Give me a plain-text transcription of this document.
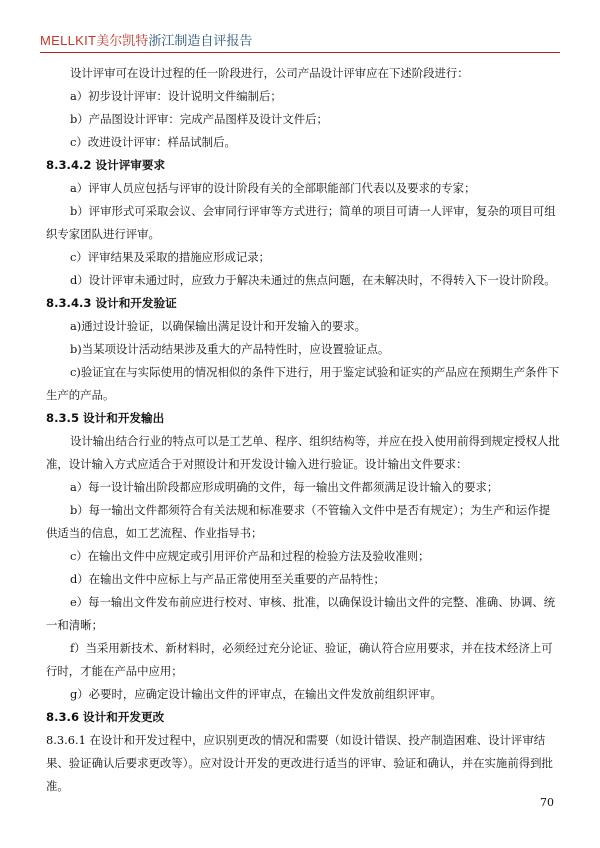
MELLKIT 美尔凯特 浙江制造自评报告

设计评审可在设计过程的任一阶段进行，公司产品设计评审应在下述阶段进行：

a）初步设计评审：设计说明文件编制后；

b）产品图设计评审：完成产品图样及设计文件后；

c）改进设计评审：样品试制后。

8.3.4.2 设计评审要求

a）评审人员应包括与评审的设计阶段有关的全部职能部门代表以及要求的专家；

b）评审形式可采取会议、会审同行评审等方式进行；简单的项目可请一人评审，复杂的项目可组织专家团队进行评审。

c）评审结果及采取的措施应形成记录；

d）设计评审未通过时，应致力于解决未通过的焦点问题，在未解决时，不得转入下一设计阶段。

8.3.4.3 设计和开发验证

a)通过设计验证，以确保输出满足设计和开发输入的要求。

b)当某项设计活动结果涉及重大的产品特性时，应设置验证点。

c)验证宜在与实际使用的情况相似的条件下进行，用于鉴定试验和证实的产品应在预期生产条件下生产的产品。

8.3.5 设计和开发输出

设计输出结合行业的特点可以是工艺单、程序、组织结构等，并应在投入使用前得到规定授权人批准，设计输入方式应适合于对照设计和开发设计输入进行验证。设计输出文件要求：

a）每一设计输出阶段都应形成明确的文件，每一输出文件都须满足设计输入的要求；

b）每一输出文件都须符合有关法规和标准要求（不管输入文件中是否有规定）；为生产和运作提供适当的信息，如工艺流程、作业指导书；

c）在输出文件中应规定或引用评价产品和过程的检验方法及验收准则；

d）在输出文件中应标上与产品正常使用至关重要的产品特性；

e）每一输出文件发布前应进行校对、审核、批准，以确保设计输出文件的完整、准确、协调、统一和清晰；

f）当采用新技术、新材料时，必须经过充分论证、验证，确认符合应用要求，并在技术经济上可行时，才能在产品中应用；

g）必要时，应确定设计输出文件的评审点，在输出文件发放前组织评审。

8.3.6 设计和开发更改

8.3.6.1 在设计和开发过程中，应识别更改的情况和需要（如设计错误、投产制造困难、设计评审结果、验证确认后要求更改等）。应对设计开发的更改进行适当的评审、验证和确认，并在实施前得到批准。

70
